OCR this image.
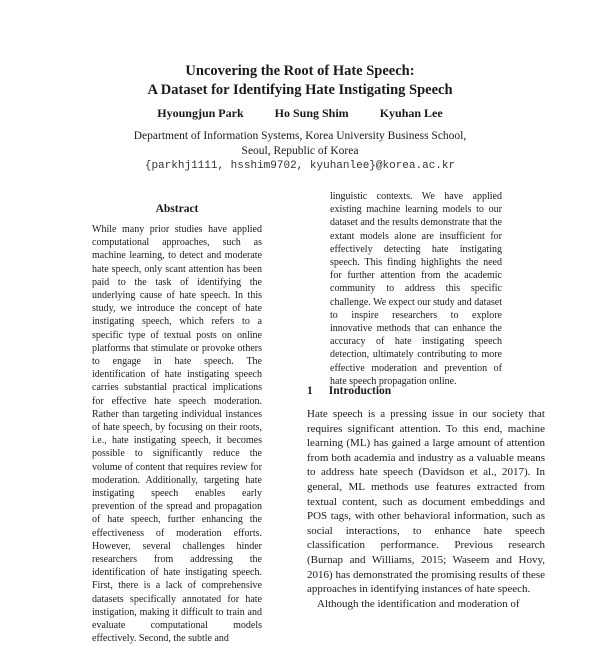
Uncovering the Root of Hate Speech:
A Dataset for Identifying Hate Instigating Speech
Hyoungjun Park	Ho Sung Shim	Kyuhan Lee
Department of Information Systems, Korea University Business School,
Seoul, Republic of Korea
{parkhj1111, hsshim9702, kyuhanlee}@korea.ac.kr
Abstract

While many prior studies have applied computational approaches, such as machine learning, to detect and moderate hate speech, only scant attention has been paid to the task of identifying the underlying cause of hate speech. In this study, we introduce the concept of hate instigating speech, which refers to a specific type of textual posts on online platforms that stimulate or provoke others to engage in hate speech. The identification of hate instigating speech carries substantial practical implications for effective hate speech moderation. Rather than targeting individual instances of hate speech, by focusing on their roots, i.e., hate instigating speech, it becomes possible to significantly reduce the volume of content that requires review for moderation. Additionally, targeting hate instigating speech enables early prevention of the spread and propagation of hate speech, further enhancing the effectiveness of moderation efforts. However, several challenges hinder researchers from addressing the identification of hate instigating speech. First, there is a lack of comprehensive datasets specifically annotated for hate instigation, making it difficult to train and evaluate computational models effectively. Second, the subtle and

linguistic contexts. We have applied existing machine learning models to our dataset and the results demonstrate that the extant models alone are insufficient for effectively detecting hate instigating speech. This finding highlights the need for further attention from the academic community to address this specific challenge. We expect our study and dataset to inspire researchers to explore innovative methods that can enhance the accuracy of hate instigating speech detection, ultimately contributing to more effective moderation and prevention of hate speech propagation online.

1 Introduction

Hate speech is a pressing issue in our society that requires significant attention. To this end, machine learning (ML) has gained a large amount of attention from both academia and industry as a valuable means to address hate speech (Davidson et al., 2017). In general, ML methods use features extracted from textual content, such as document embeddings and POS tags, with other behavioral information, such as social interactions, to enhance hate speech classification performance. Previous research (Burnap and Williams, 2015; Waseem and Hovy, 2016) has demonstrated the promising results of these approaches in identifying instances of hate speech.

Although the identification and moderation of
